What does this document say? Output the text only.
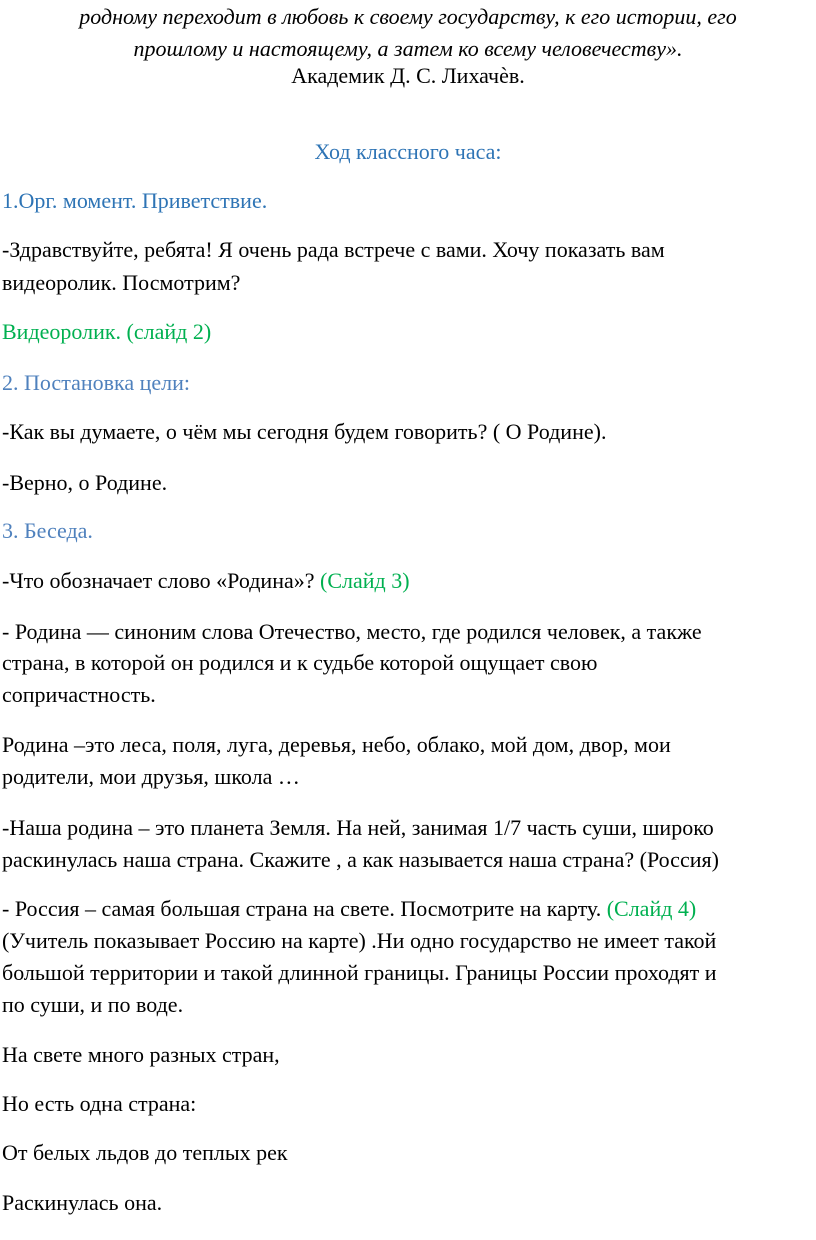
родному переходит в любовь к своему государству, к его истории, его
прошлому и настоящему, а затем ко всему человечеству».
Академик Д. С. Лихачѐв.
Ход классного часа:
1.Орг. момент. Приветствие.
-Здравствуйте, ребята! Я очень рада встрече с вами. Хочу показать вам
видеоролик. Посмотрим?
Видеоролик. (слайд 2)
2. Постановка цели:
-Как вы думаете, о чём мы сегодня будем говорить? ( О Родине).
-Верно, о Родине.
3. Беседа.
-Что обозначает слово «Родина»? (Слайд 3)
- Родина — синоним слова Отечество, место, где родился человек, а также
страна, в которой он родился и к судьбе которой ощущает свою
сопричастность.
Родина –это леса, поля, луга, деревья, небо, облако, мой дом, двор, мои
родители, мои друзья, школа …
-Наша родина – это планета Земля. На ней, занимая 1/7 часть суши, широко
раскинулась наша страна. Скажите , а как называется наша страна? (Россия)
- Россия – самая большая страна на свете. Посмотрите на карту. (Слайд 4)
(Учитель показывает Россию на карте) .Ни одно государство не имеет такой
большой территории и такой длинной границы. Границы России проходят и
по суши, и по воде.
На свете много разных стран,
Но есть одна страна:
От белых льдов до теплых рек
Раскинулась она.
